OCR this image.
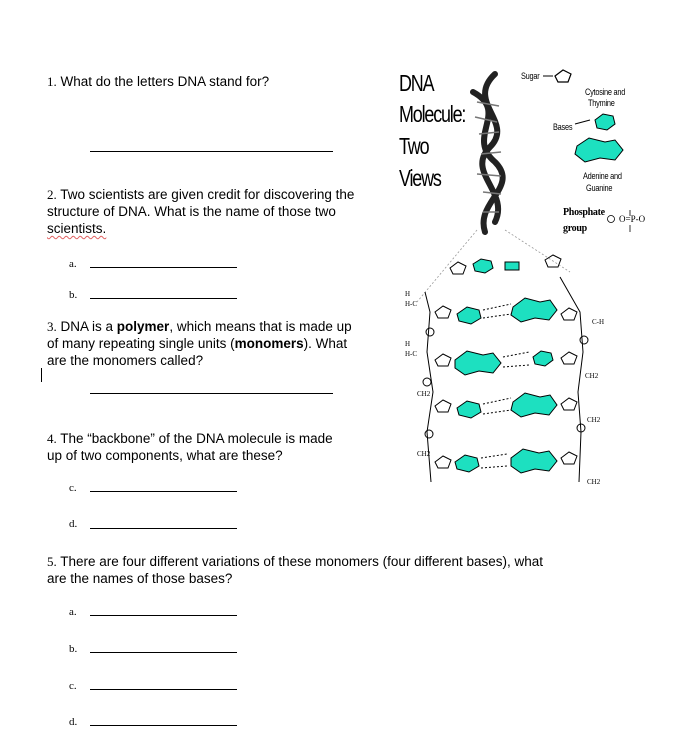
1. What do the letters DNA stand for?
2. Two scientists are given credit for discovering the
structure of DNA. What is the name of those two
scientists.
a.
b.
3. DNA is a polymer, which means that is made up
of many repeating single units (monomers). What
are the monomers called?
4. The “backbone” of the DNA molecule is made
up of two components, what are these?
c.
d.
5. There are four different variations of these monomers (four different bases), what
are the names of those bases?
a.
b.
c.
d.
DNA
Molecule:
Two
Views
Sugar
Cytosine and
Thymine
Bases
Adenine and
Guanine
Phosphate
group
O=P-O
H
H-C
C-H
H
H-C
CH2
CH2
CH2
CH2
CH2
